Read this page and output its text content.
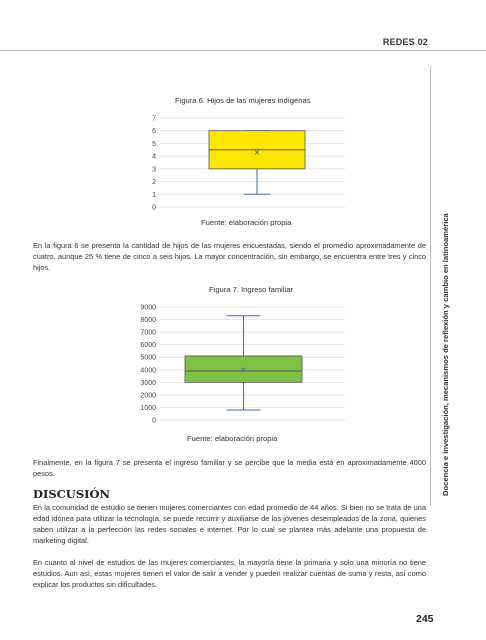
REDES 02
Docencia e investigación, mecanismos de reflexión y cambio en latinoamérica
Figura 6. Hijos de las mujeres indígenas
0
1
2
3
4
5
6
7
Fuente: elaboración propia

En la figura 6 se presenta la cantidad de hijos de las mujeres encuestadas, siendo el promedio aproximadamente de cuatro, aunque 25 % tiene de cinco a seis hijos. La mayor concentración, sin embargo, se encuentra entre tres y cinco hijos.

Figura 7. Ingreso familiar
0
1000
2000
3000
4000
5000
6000
7000
8000
9000
Fuente: elaboración propia

Finalmente, en la figura 7 se presenta el ingreso familiar y se percibe que la media está en aproximadamente 4000 pesos.

DISCUSIÓN

En la comunidad de estudio se tienen mujeres comerciantes con edad promedio de 44 años. Si bien no se trata de una edad idónea para utilizar la tecnología, se puede recurrir y auxiliarse de los jóvenes desempleados de la zona, quienes saben utilizar a la perfección las redes sociales e internet. Por lo cual se plantea más adelante una propuesta de marketing digital.

En cuanto al nivel de estudios de las mujeres comerciantes, la mayoría tiene la primaria y solo una minoría no tiene estudios. Aun así, estas mujeres tienen el valor de salir a vender y pueden realizar cuentas de suma y resta, así como explicar los productos sin dificultades.

245
